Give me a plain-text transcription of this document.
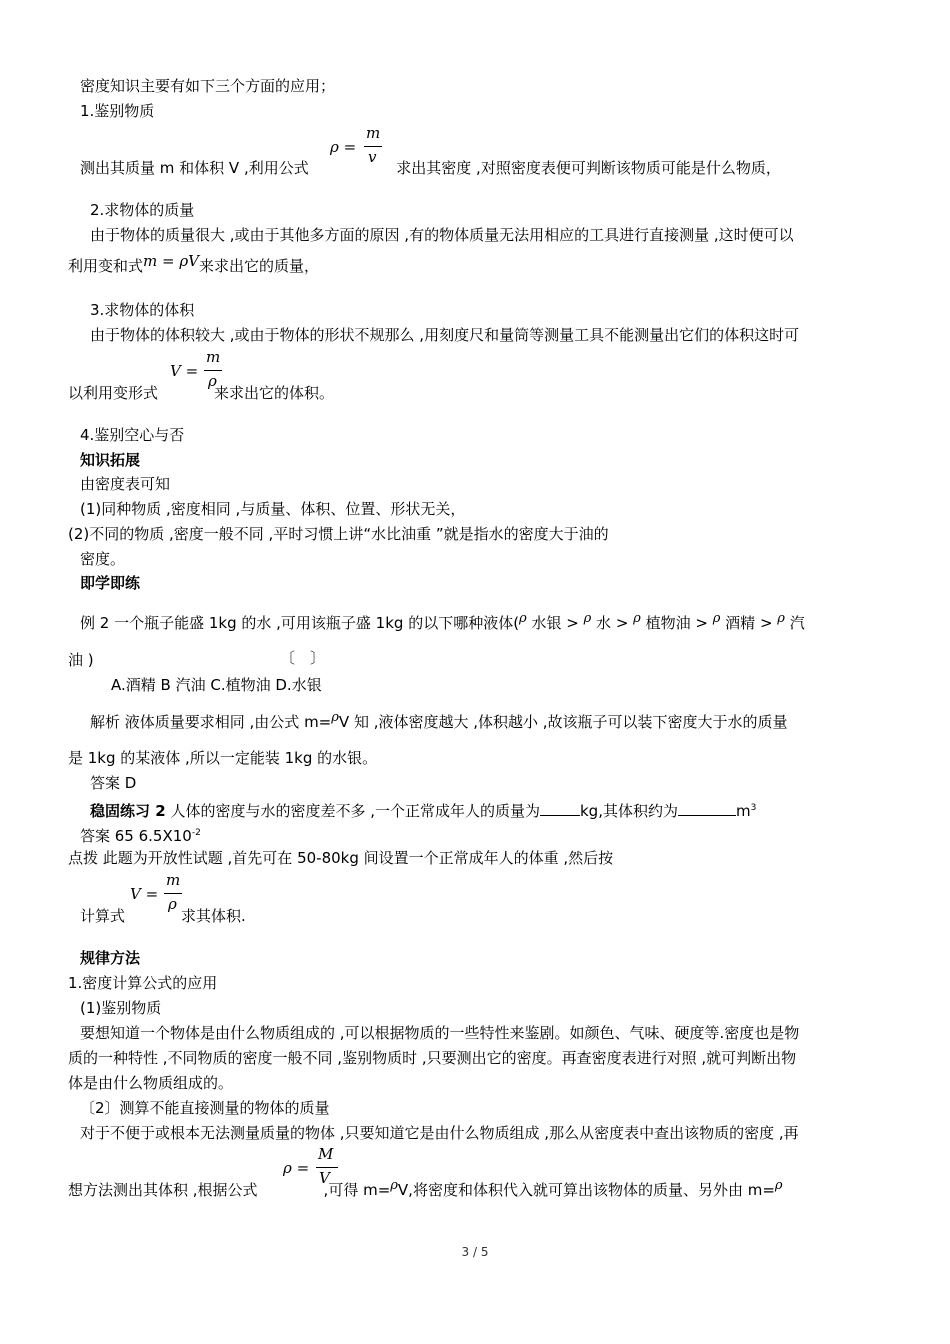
密度知识主要有如下三个方面的应用；
1.鉴别物质
测出其质量 m 和体积 V ,利用公式	求出其密度 ,对照密度表便可判断该物质可能是什么物质，
ρ =
m
v
2.求物体的质量
由于物体的质量很大 ,或由于其他多方面的原因 ,有的物体质量无法用相应的工具进行直接测量 ,这时便可以
利用变和式m = ρV来求出它的质量，
3.求物体的体积
由于物体的体积较大 ,或由于物体的形状不规那么 ,用刻度尺和量筒等测量工具不能测量出它们的体积这时可
以利用变形式	来求出它的体积。
V =
m
ρ
4.鉴别空心与否
知识拓展
由密度表可知
(1)同种物质 ,密度相同 ,与质量、体积、位置、形状无关，
(2)不同的物质 ,密度一般不同 ,平时习惯上讲“水比油重 ”就是指水的密度大于油的
密度。
即学即练
例 2 一个瓶子能盛 1kg 的水 ,可用该瓶子盛 1kg 的以下哪种液体(ρ 水银 > ρ 水 > ρ 植物油 > ρ 酒精 > ρ 汽
油 )	〔　〕
A.酒精 B 汽油 C.植物油 D.水银
解析 液体质量要求相同 ,由公式 m=ρV 知 ,液体密度越大 ,体积越小 ,故该瓶子可以装下密度大于水的质量
是 1kg 的某液体 ,所以一定能装 1kg 的水银。
答案 D
稳固练习 2 人体的密度与水的密度差不多 ,一个正常成年人的质量为	kg,其体积约为	$m^3$
答案 65 $6.5X10^{-2}$
点拨 此题为开放性试题 ,首先可在 50-80kg 间设置一个正常成年人的体重 ,然后按
计算式	求其体积.
V =
m
ρ
规律方法
1.密度计算公式的应用
(1)鉴别物质
要想知道一个物体是由什么物质组成的 ,可以根据物质的一些特性来鉴剧。如颜色、气味、硬度等.密度也是物
质的一种特性 ,不同物质的密度一般不同 ,鉴别物质时 ,只要测出它的密度。再查密度表进行对照 ,就可判断出物
体是由什么物质组成的。
〔2〕测算不能直接测量的物体的质量
对于不便于或根本无法测量质量的物体 ,只要知道它是由什么物质组成 ,那么从密度表中查出该物质的密度 ,再
想方法测出其体积 ,根据公式	,可得 m=ρV,将密度和体积代入就可算出该物体的质量、另外由 m=ρ
ρ =
M
V
3 / 5
